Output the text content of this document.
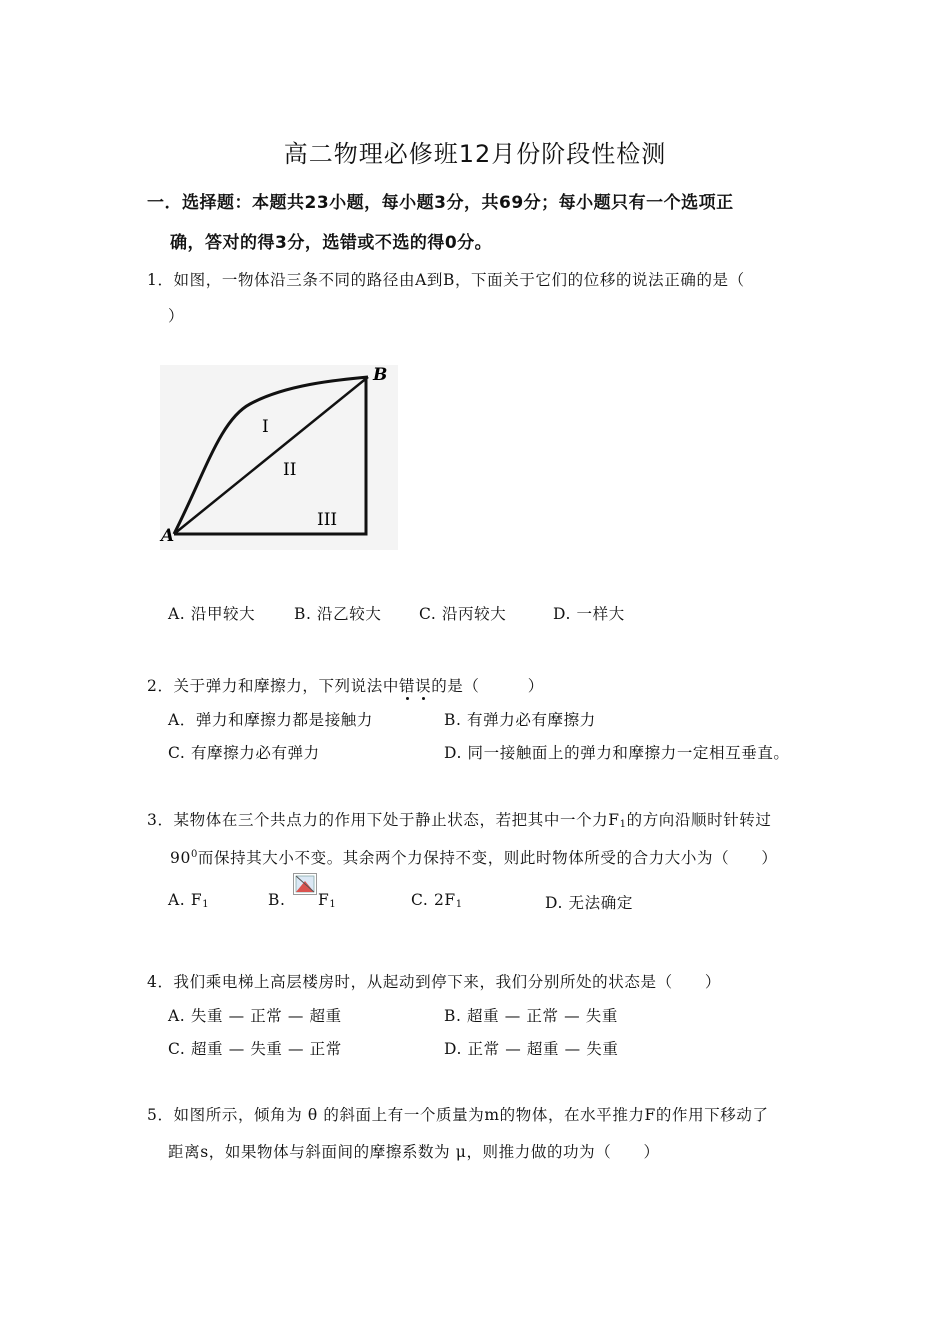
高二物理必修班12月份阶段性检测
一．选择题：本题共23小题，每小题3分，共69分；每小题只有一个选项正
确，答对的得3分，选错或不选的得0分。
1．如图，一物体沿三条不同的路径由A到B，下面关于它们的位移的说法正确的是（
）
A
B
I
II
III
A. 沿甲较大	B. 沿乙较大 C. 沿丙较大	D. 一样大
2．关于弹力和摩擦力，下列说法中错误的是（　　　）
A．弹力和摩擦力都是接触力	B. 有弹力必有摩擦力
C. 有摩擦力必有弹力	D. 同一接触面上的弹力和摩擦力一定相互垂直。
3．某物体在三个共点力的作用下处于静止状态，若把其中一个力$F_1$的方向沿顺时针转过
$90^0$而保持其大小不变。其余两个力保持不变，则此时物体所受的合力大小为（　　）
A. $F_1$	B. $F_1$	C. $2F_1$	D. 无法确定
4．我们乘电梯上高层楼房时，从起动到停下来，我们分别所处的状态是（　　）
A. 失重 — 正常 — 超重	B. 超重 — 正常 — 失重
C. 超重 — 失重 — 正常	D. 正常 — 超重 — 失重
5．如图所示，倾角为 θ 的斜面上有一个质量为m的物体，在水平推力F的作用下移动了
距离s，如果物体与斜面间的摩擦系数为 μ，则推力做的功为（　　）
